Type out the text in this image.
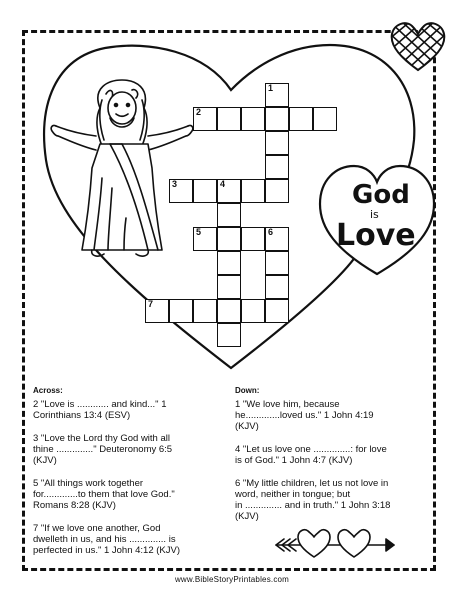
1
2
3	4
5	6
7
God
is
Love
Across:
2 "Love is ............ and kind..." 1
Corinthians 13:4 (ESV)
3 "Love the Lord thy God with all
thine .............." Deuteronomy 6:5
(KJV)
5 "All things work together
for.............to them that love God."
Romans 8:28 (KJV)
7 "If we love one another, God
dwelleth in us, and his .............. is
perfected in us." 1 John 4:12 (KJV)
Down:
1 "We love him, because
he.............loved us." 1 John 4:19
(KJV)
4 "Let us love one ..............: for love
is of God." 1 John 4:7 (KJV)
6 "My little children, let us not love in
word, neither in tongue; but
in .............. and in truth." 1 John 3:18
(KJV)
www.BibleStoryPrintables.com
